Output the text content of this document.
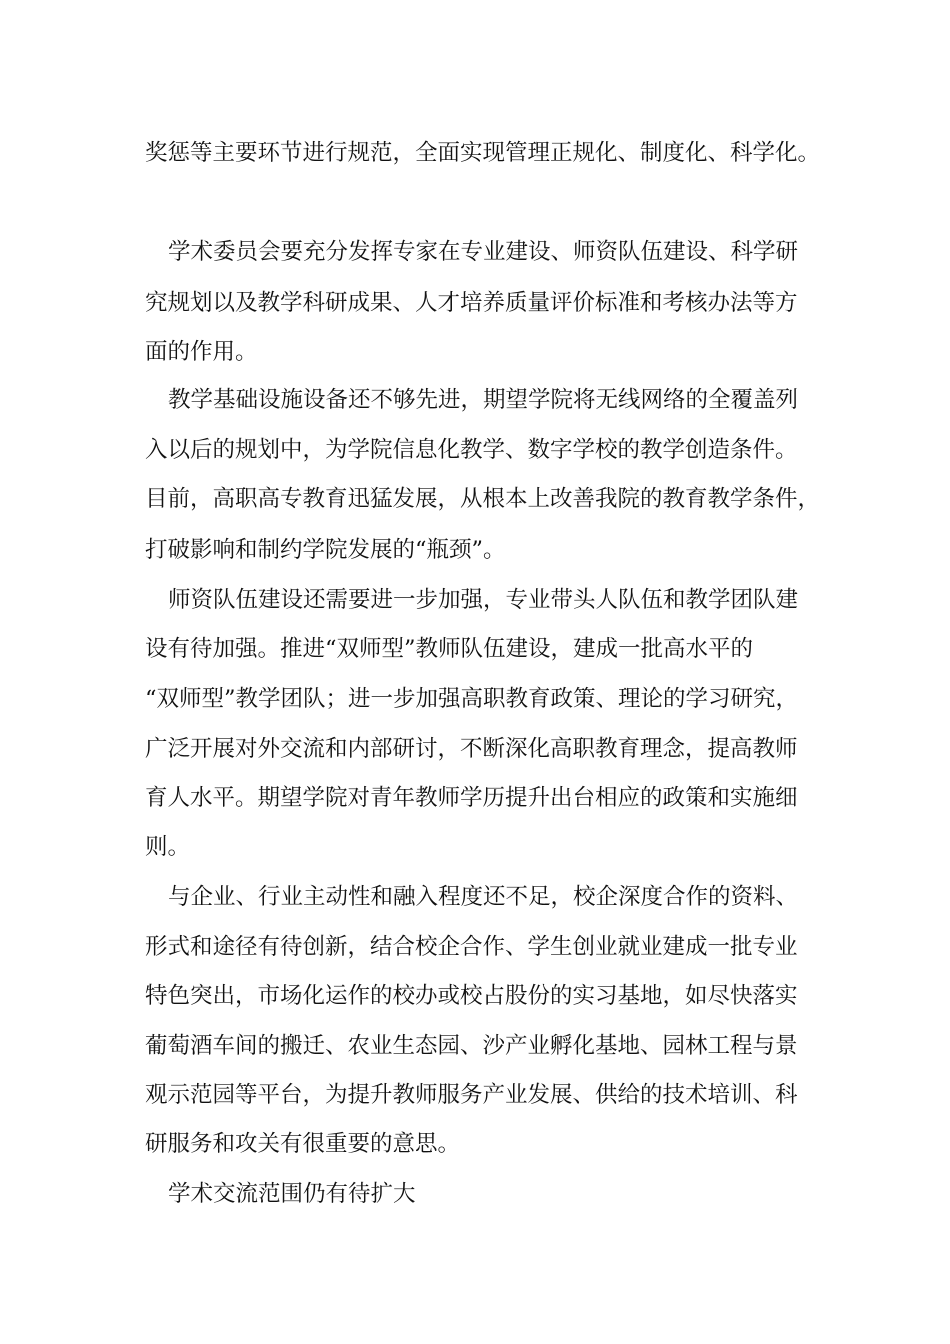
奖惩等主要环节进行规范，全面实现管理正规化、制度化、科学化。
学术委员会要充分发挥专家在专业建设、师资队伍建设、科学研
究规划以及教学科研成果、人才培养质量评价标准和考核办法等方
面的作用。
教学基础设施设备还不够先进，期望学院将无线网络的全覆盖列
入以后的规划中，为学院信息化教学、数字学校的教学创造条件。
目前，高职高专教育迅猛发展，从根本上改善我院的教育教学条件，
打破影响和制约学院发展的“瓶颈”。
师资队伍建设还需要进一步加强，专业带头人队伍和教学团队建
设有待加强。推进“双师型”教师队伍建设，建成一批高水平的
“双师型”教学团队；进一步加强高职教育政策、理论的学习研究，
广泛开展对外交流和内部研讨，不断深化高职教育理念，提高教师
育人水平。期望学院对青年教师学历提升出台相应的政策和实施细
则。
与企业、行业主动性和融入程度还不足，校企深度合作的资料、
形式和途径有待创新，结合校企合作、学生创业就业建成一批专业
特色突出，市场化运作的校办或校占股份的实习基地，如尽快落实
葡萄酒车间的搬迁、农业生态园、沙产业孵化基地、园林工程与景
观示范园等平台，为提升教师服务产业发展、供给的技术培训、科
研服务和攻关有很重要的意思。
学术交流范围仍有待扩大
